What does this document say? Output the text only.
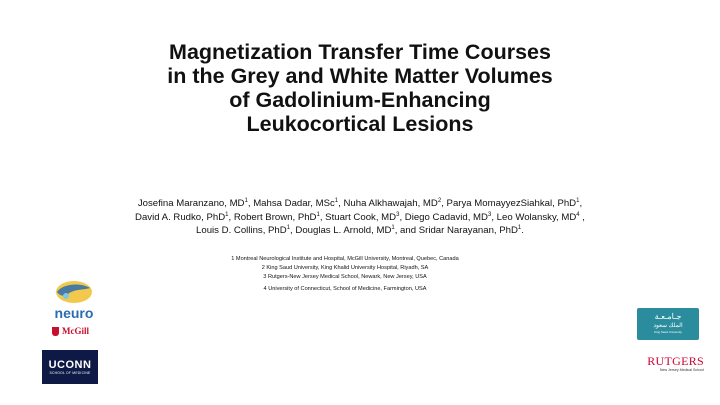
Magnetization Transfer Time Courses
in the Grey and White Matter Volumes
of Gadolinium-Enhancing
Leukocortical Lesions
Josefina Maranzano, $MD^1$, Mahsa Dadar, MSc$^1$, Nuha Alkhawajah, $MD^2$, Parya MomayyezSiahkal, PhD$^1$, David A. Rudko, PhD$^1$, Robert Brown, PhD$^1$, Stuart Cook, $MD^3$, Diego Cadavid, $MD^3$, Leo Wolansky, $MD^4$ , Louis D. Collins, PhD$^1$, Douglas L. Arnold, $MD^1$, and Sridar Narayanan, PhD$^1$.
1 Montreal Neurological Institute and Hospital, McGill University, Montreal, Quebec, Canada
2 King Saud University, King Khalid University Hospital, Riyadh, SA
3 Rutgers-New Jersey Medical School, Newark, New Jersey, USA
4 University of Connecticut, School of Medicine, Farmington, USA
neuro
McGill
UCONN
SCHOOL OF MEDICINE
جـامـعـة
الملك سعود
King Saud University
RUTGERS
New Jersey Medical School
